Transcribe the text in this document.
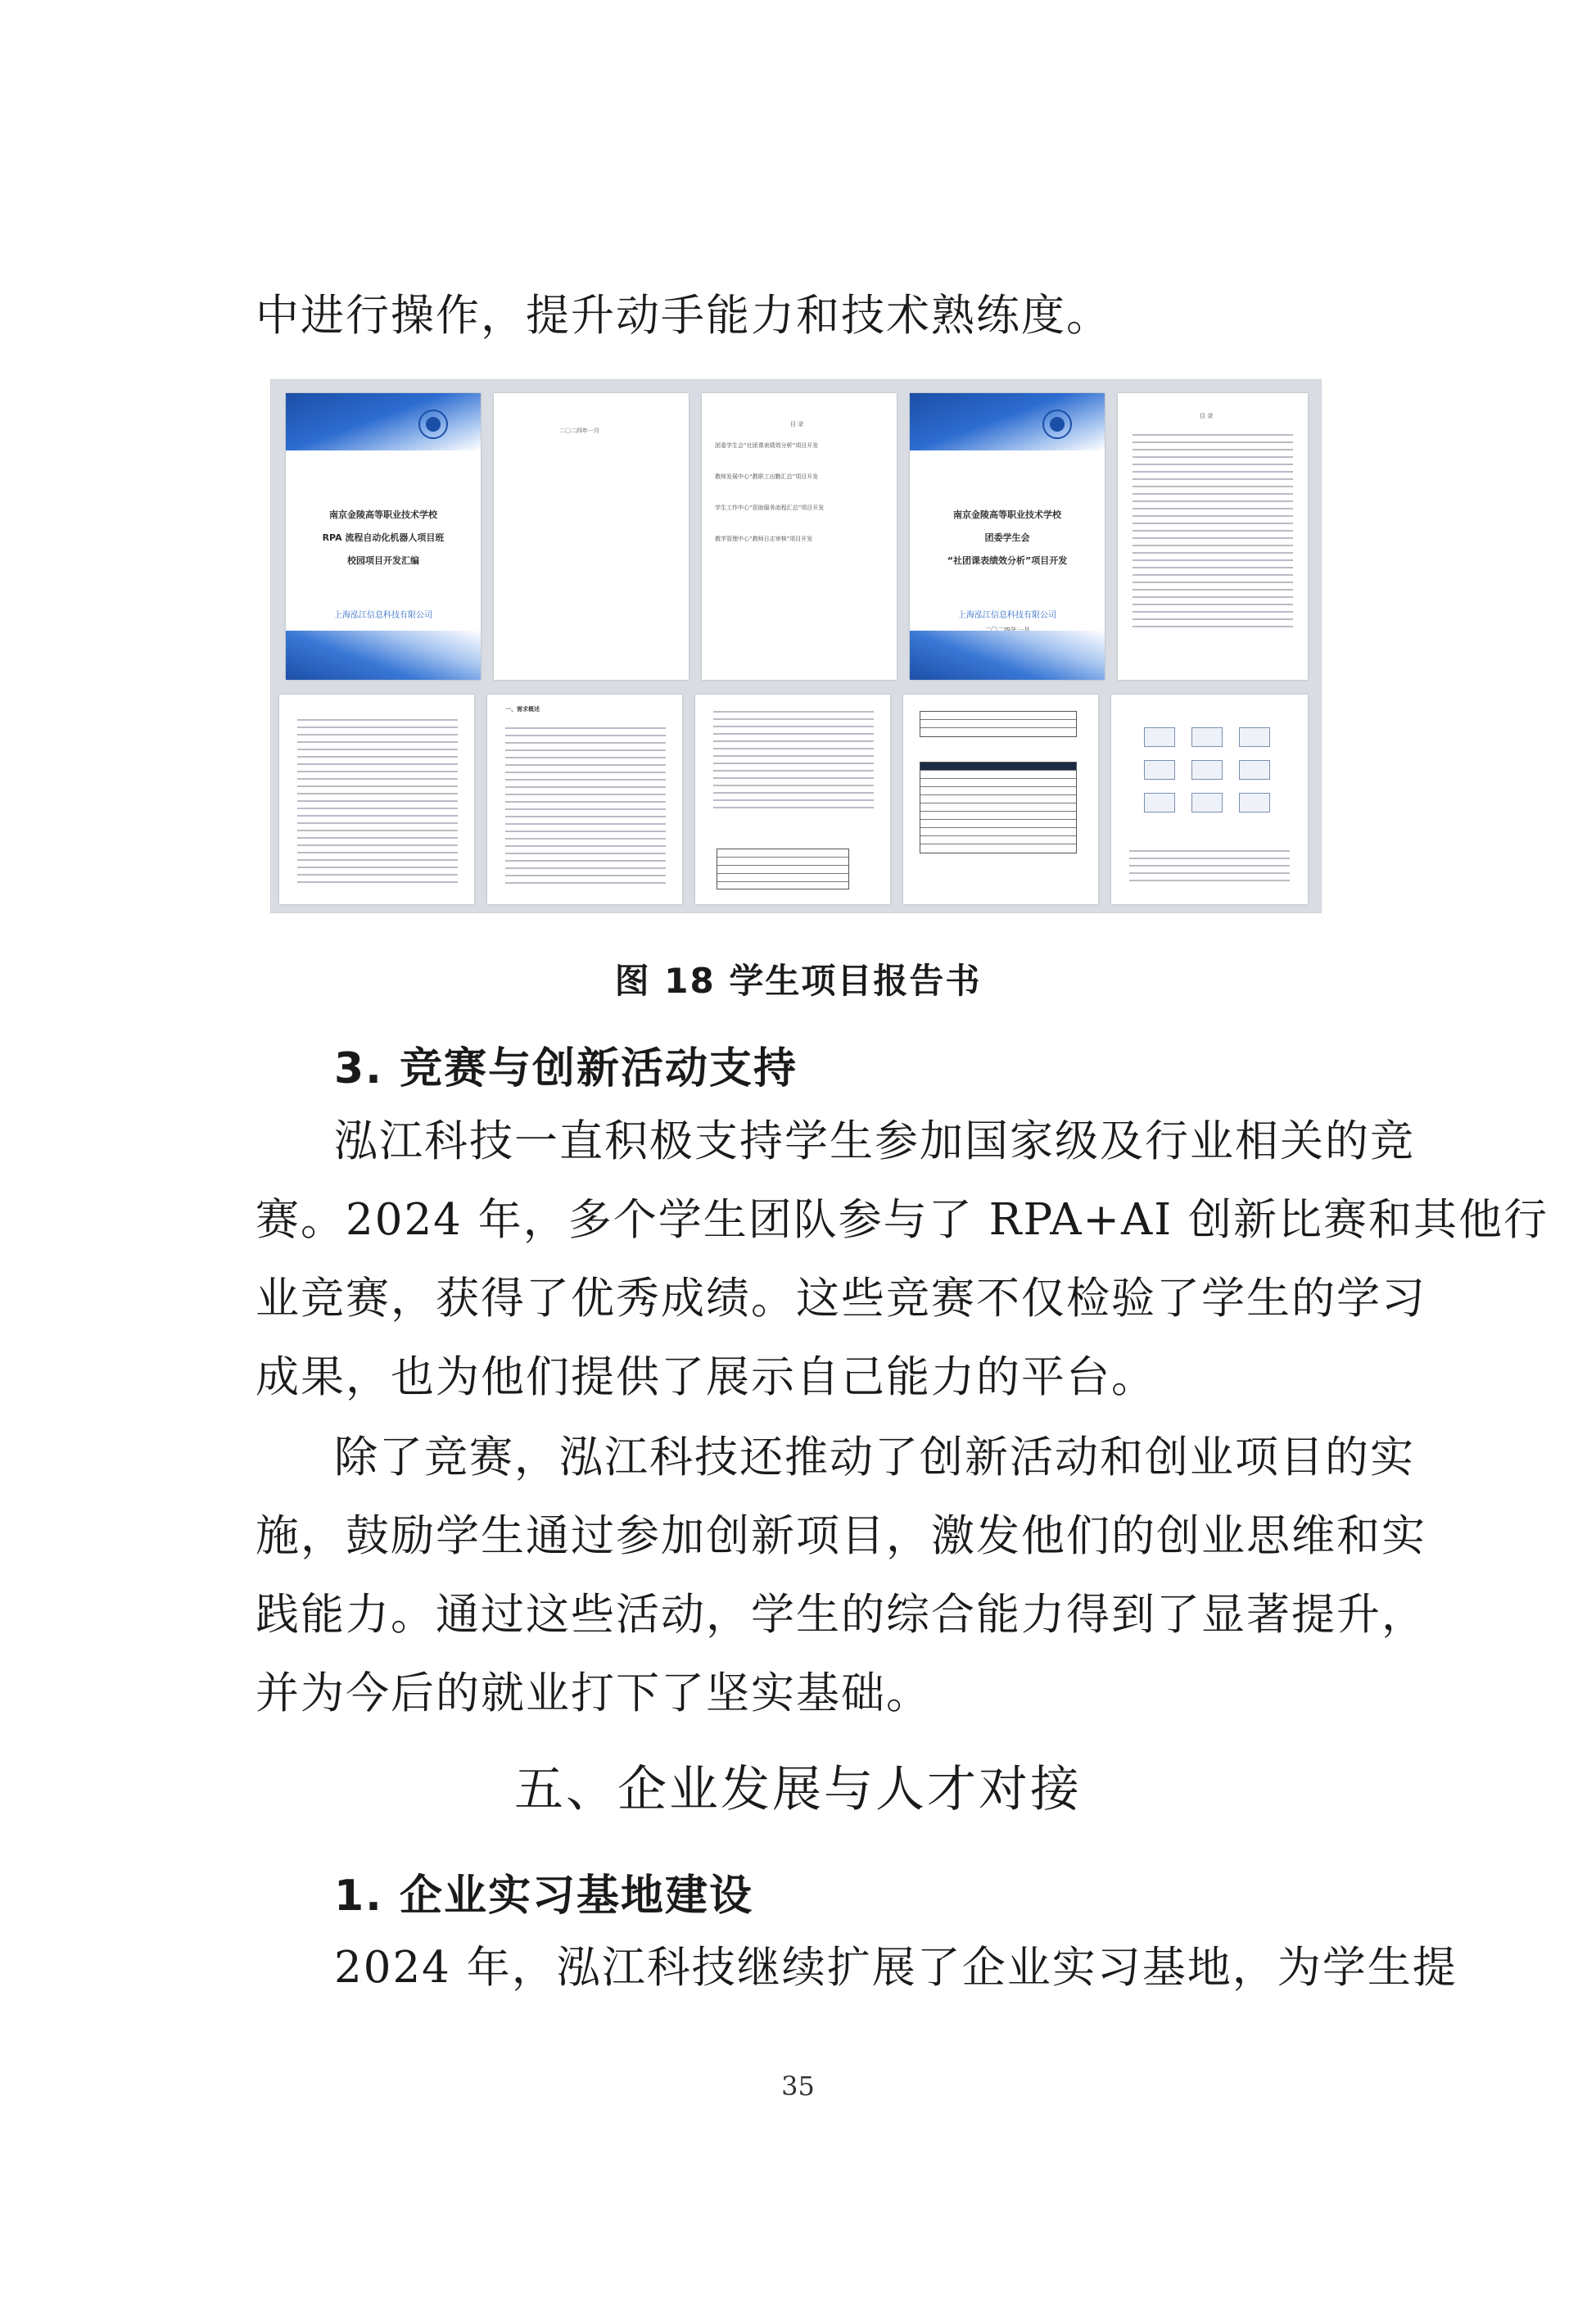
中进行操作，提升动手能力和技术熟练度。

南京金陵高等职业技术学校
RPA 流程自动化机器人项目班
校园项目开发汇编
上海泓江信息科技有限公司
二〇二四年一月
目 录
团委学生会“社团课表绩效分析”项目开发
教师发展中心“教职工出勤汇总”项目开发
学生工作中心“资助服务流程汇总”项目开发
教学管理中心“教师日志审核”项目开发
南京金陵高等职业技术学校
团委学生会
“社团课表绩效分析”项目开发
上海泓江信息科技有限公司
目 录
一、需求概述

图 18 学生项目报告书

3. 竞赛与创新活动支持

泓江科技一直积极支持学生参加国家级及行业相关的竞
赛。2024 年，多个学生团队参与了 RPA+AI 创新比赛和其他行
业竞赛，获得了优秀成绩。这些竞赛不仅检验了学生的学习
成果，也为他们提供了展示自己能力的平台。

除了竞赛，泓江科技还推动了创新活动和创业项目的实
施，鼓励学生通过参加创新项目，激发他们的创业思维和实
践能力。通过这些活动，学生的综合能力得到了显著提升，
并为今后的就业打下了坚实基础。

五、企业发展与人才对接

1. 企业实习基地建设

2024 年，泓江科技继续扩展了企业实习基地，为学生提

35
